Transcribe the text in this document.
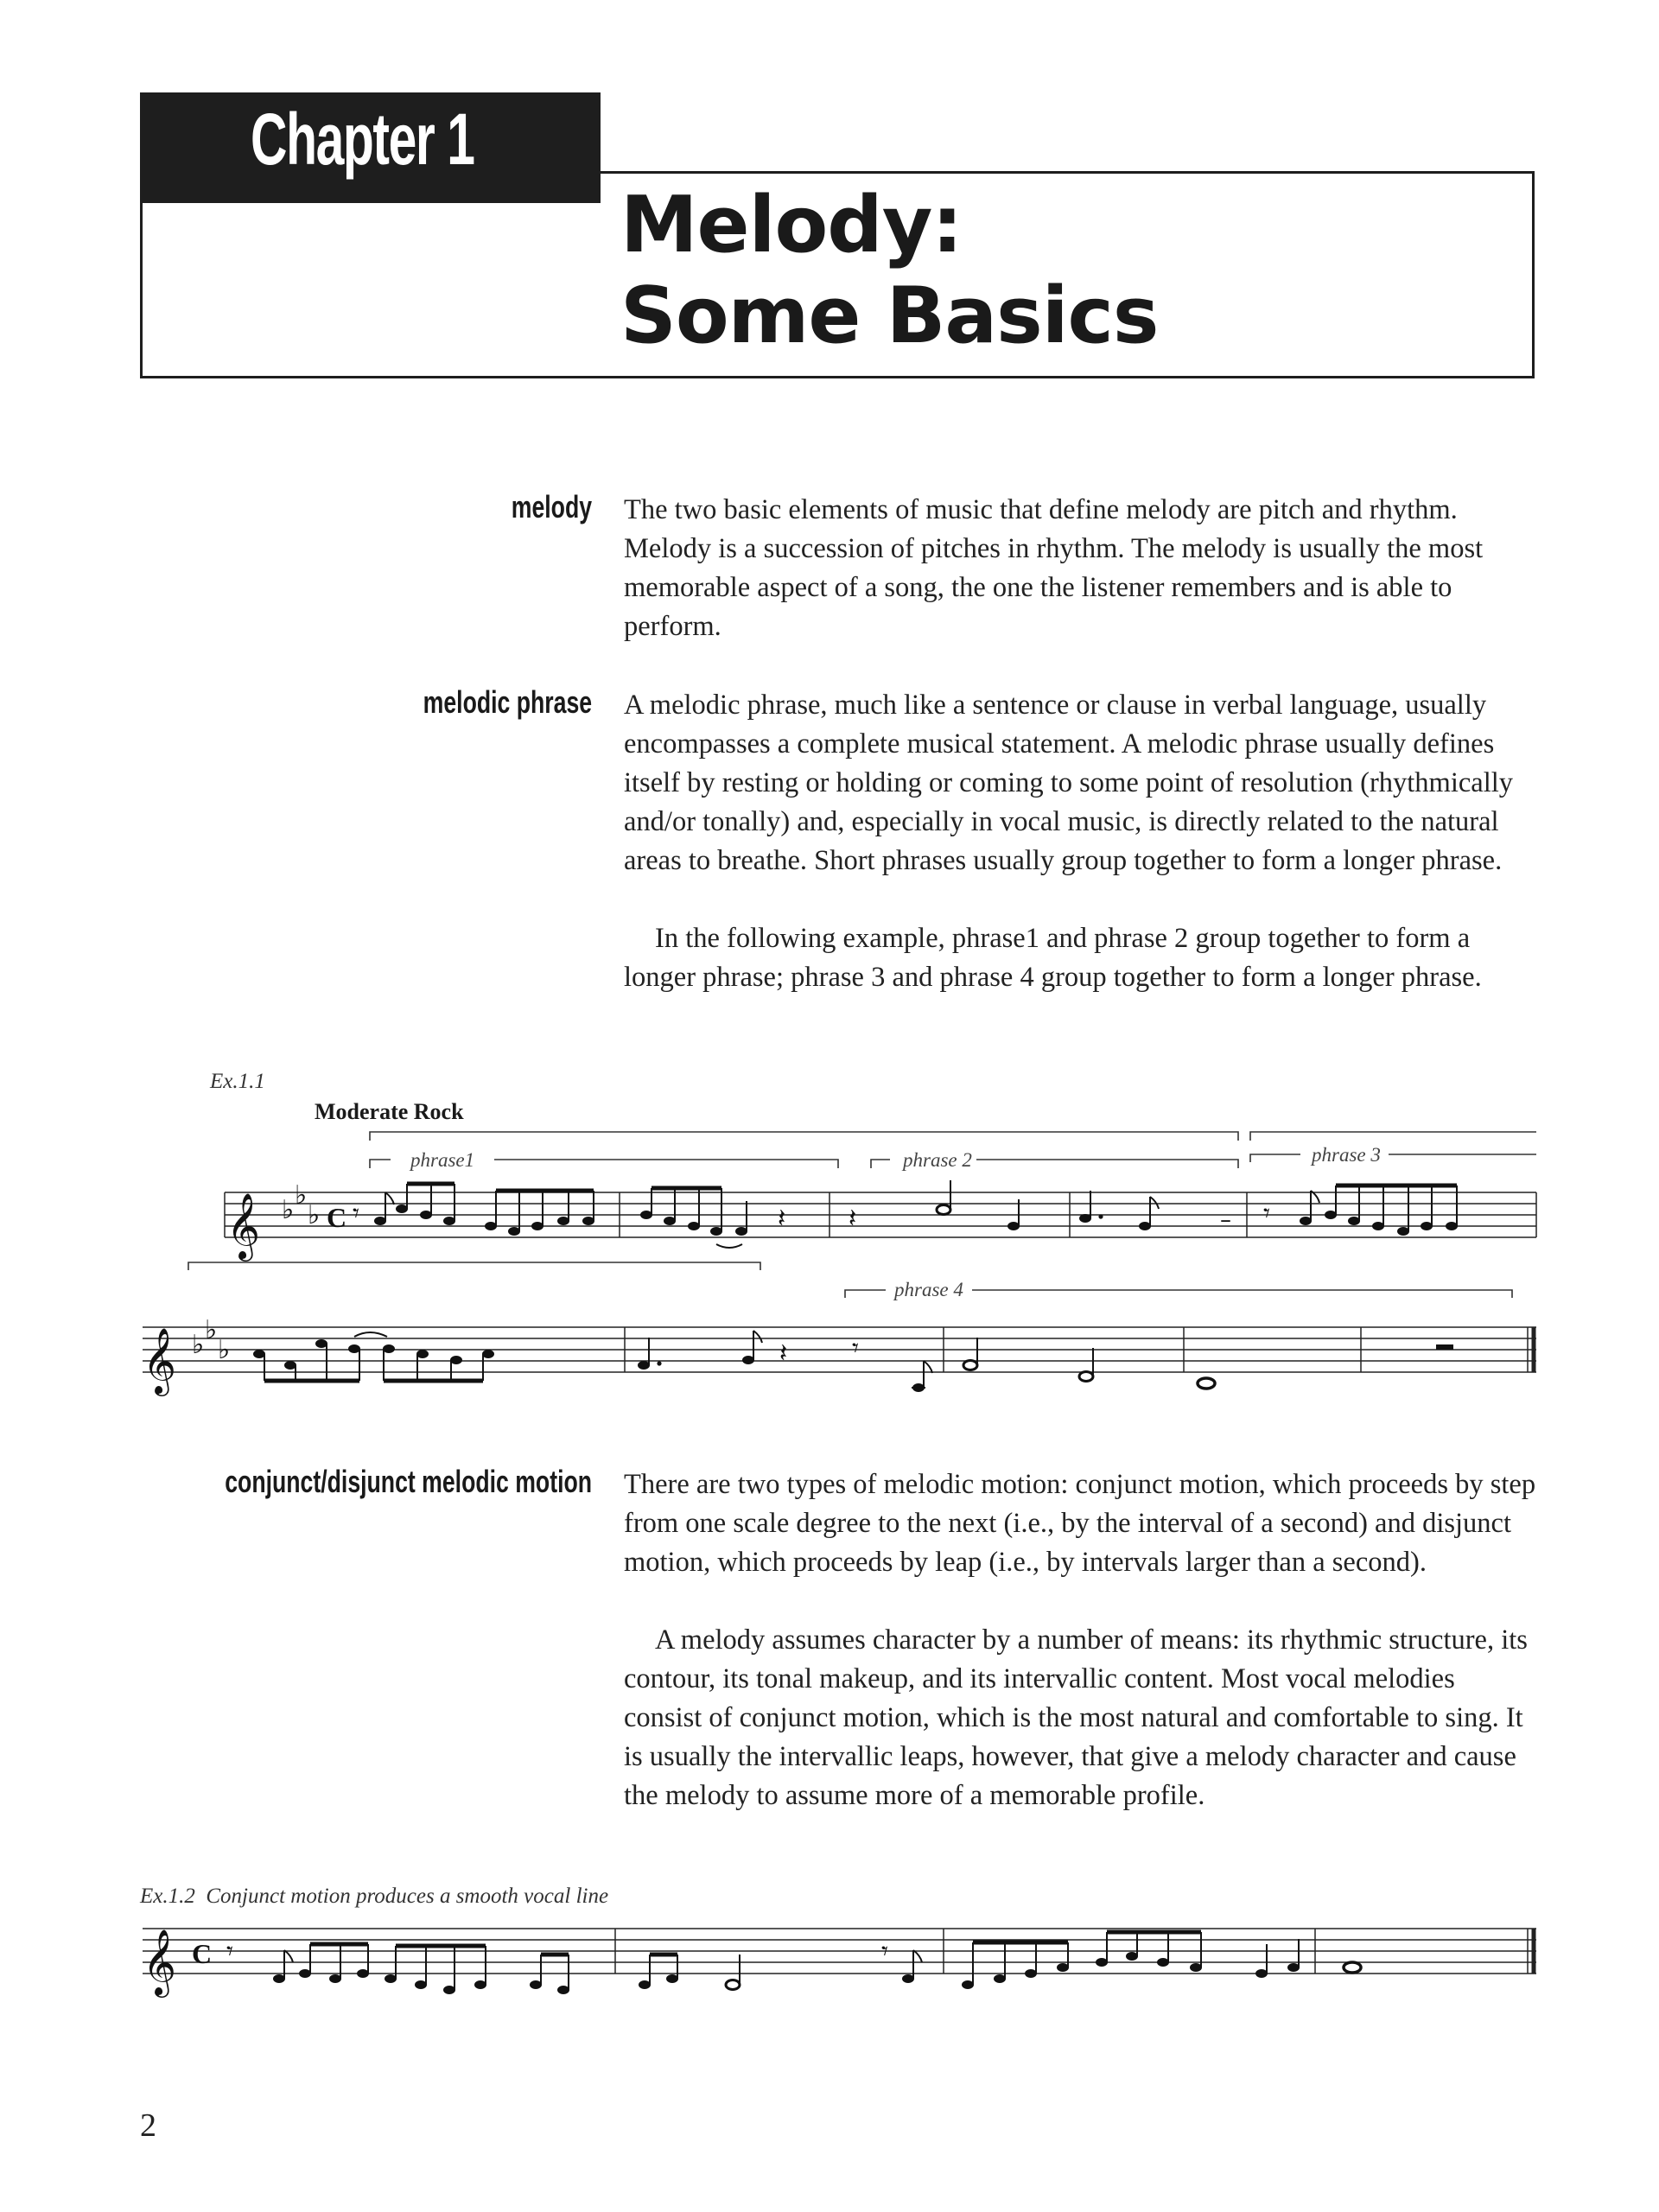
Chapter 1
Melody:
Some Basics
melody The two basic elements of music that define melody are pitch and rhythm. Melody is a succession of pitches in rhythm. The melody is usually the most memorable aspect of a song, the one the listener remembers and is able to perform.

melodic phrase A melodic phrase, much like a sentence or clause in verbal language, usually encompasses a complete musical statement. A melodic phrase usually defines itself by resting or holding or coming to some point of resolution (rhythmically and/or tonally) and, especially in vocal music, is directly related to the natural areas to breathe. Short phrases usually group together to form a longer phrase.

In the following example, phrase1 and phrase 2 group together to form a longer phrase; phrase 3 and phrase 4 group together to form a longer phrase.

Ex.1.1
Moderate Rock
phrase1	phrase 2	phrase 3
phrase 4
𝄞 ♭ ♭
♭ C	–
𝄾	𝄽 𝄽	𝄾
𝄞 ♭ ♭
♭	𝄽 𝄾
conjunct/disjunct melodic motion There are two types of melodic motion: conjunct motion, which proceeds by step from one scale degree to the next (i.e., by the interval of a second) and disjunct motion, which proceeds by leap (i.e., by intervals larger than a second).

A melody assumes character by a number of means: its rhythmic structure, its contour, its tonal makeup, and its intervallic content. Most vocal melodies consist of conjunct motion, which is the most natural and comfortable to sing. It is usually the intervallic leaps, however, that give a melody character and cause the melody to assume more of a memorable profile.

Ex.1.2 Conjunct motion produces a smooth vocal line
𝄞 C 𝄾	𝄾
2
